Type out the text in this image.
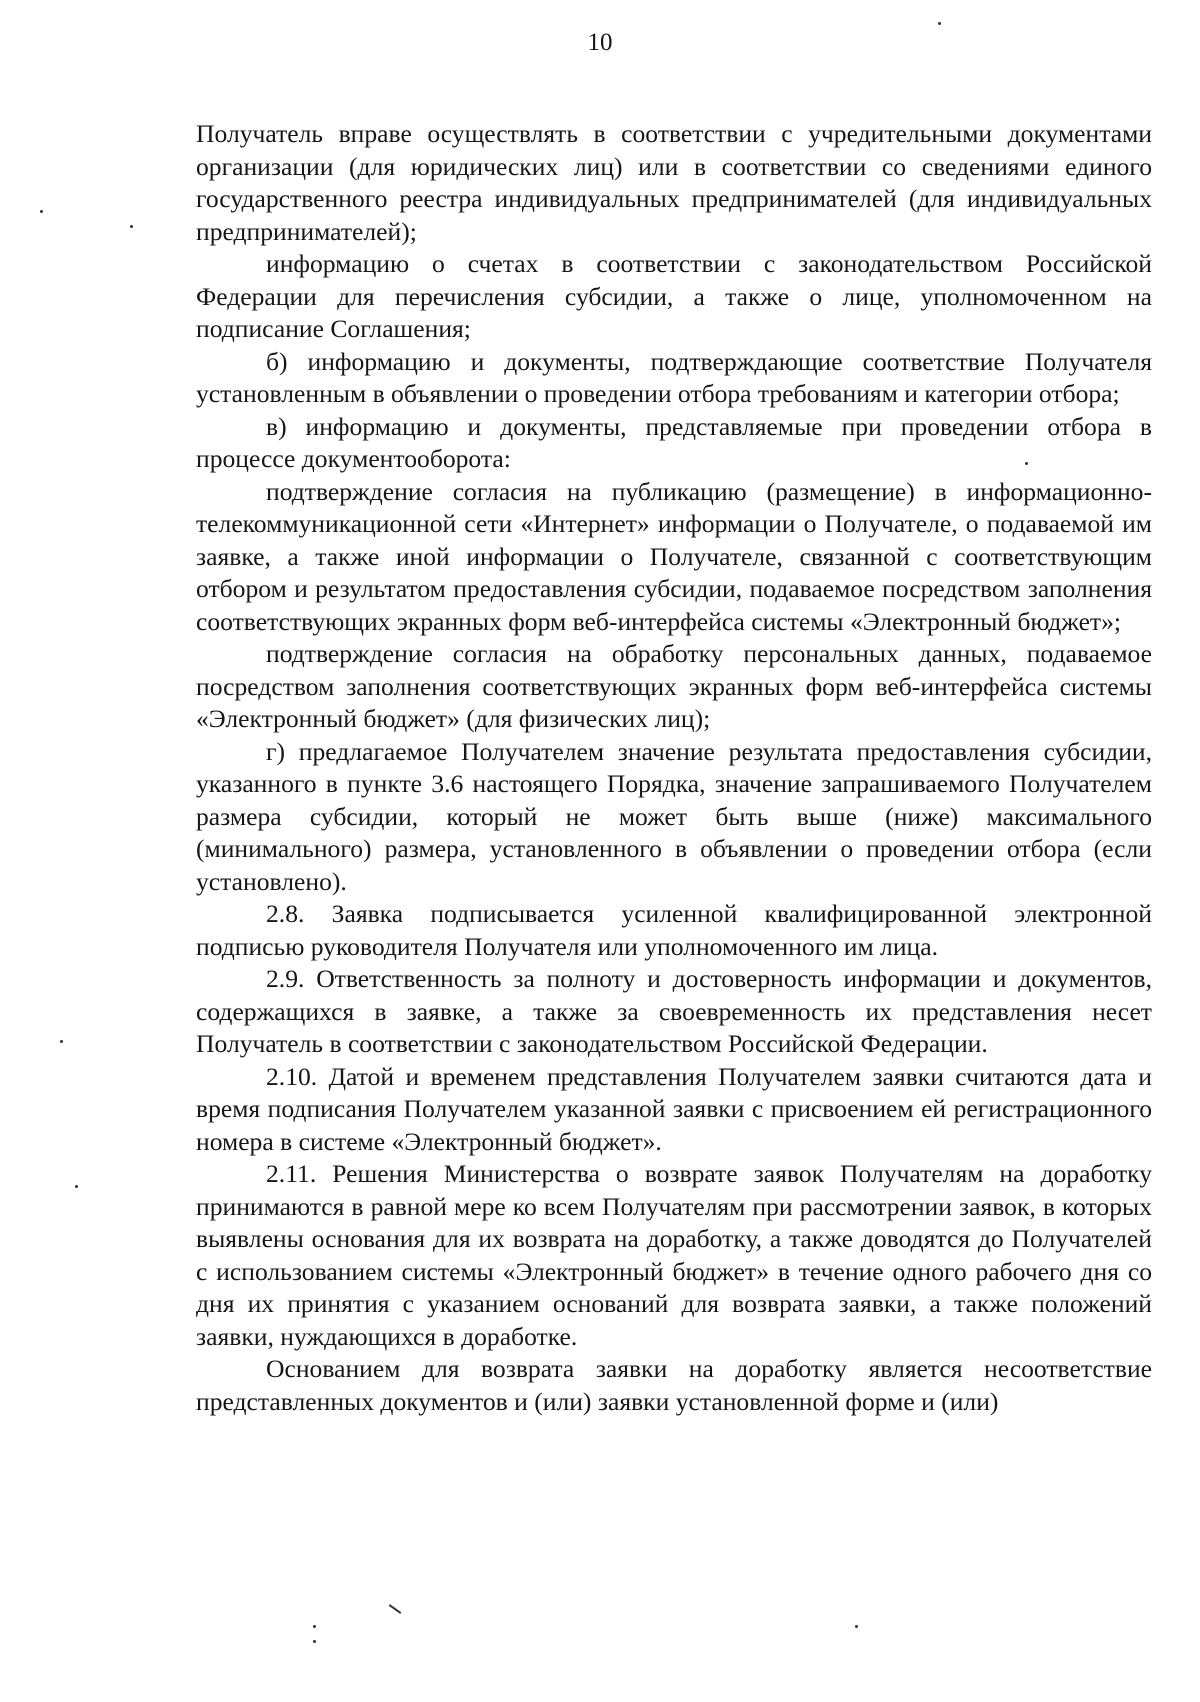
10

Получатель вправе осуществлять в соответствии с учредительными документами организации (для юридических лиц) или в соответствии со сведениями единого государственного реестра индивидуальных предпринимателей (для индивидуальных предпринимателей);

информацию о счетах в соответствии с законодательством Российской Федерации для перечисления субсидии, а также о лице, уполномоченном на подписание Соглашения;

б) информацию и документы, подтверждающие соответствие Получателя установленным в объявлении о проведении отбора требованиям и категории отбора;

в) информацию и документы, представляемые при проведении отбора в процессе документооборота:

подтверждение согласия на публикацию (размещение) в информационно-телекоммуникационной сети «Интернет» информации о Получателе, о подаваемой им заявке, а также иной информации о Получателе, связанной с соответствующим отбором и результатом предоставления субсидии, подаваемое посредством заполнения соответствующих экранных форм веб-интерфейса системы «Электронный бюджет»;

подтверждение согласия на обработку персональных данных, подаваемое посредством заполнения соответствующих экранных форм веб-интерфейса системы «Электронный бюджет» (для физических лиц);

г) предлагаемое Получателем значение результата предоставления субсидии, указанного в пункте 3.6 настоящего Порядка, значение запрашиваемого Получателем размера субсидии, который не может быть выше (ниже) максимального (минимального) размера, установленного в объявлении о проведении отбора (если установлено).

2.8. Заявка подписывается усиленной квалифицированной электронной подписью руководителя Получателя или уполномоченного им лица.

2.9. Ответственность за полноту и достоверность информации и документов, содержащихся в заявке, а также за своевременность их представления несет Получатель в соответствии с законодательством Российской Федерации.

2.10. Датой и временем представления Получателем заявки считаются дата и время подписания Получателем указанной заявки с присвоением ей регистрационного номера в системе «Электронный бюджет».

2.11. Решения Министерства о возврате заявок Получателям на доработку принимаются в равной мере ко всем Получателям при рассмотрении заявок, в которых выявлены основания для их возврата на доработку, а также доводятся до Получателей с использованием системы «Электронный бюджет» в течение одного рабочего дня со дня их принятия с указанием оснований для возврата заявки, а также положений заявки, нуждающихся в доработке.

Основанием для возврата заявки на доработку является несоответствие представленных документов и (или) заявки установленной форме и (или)
